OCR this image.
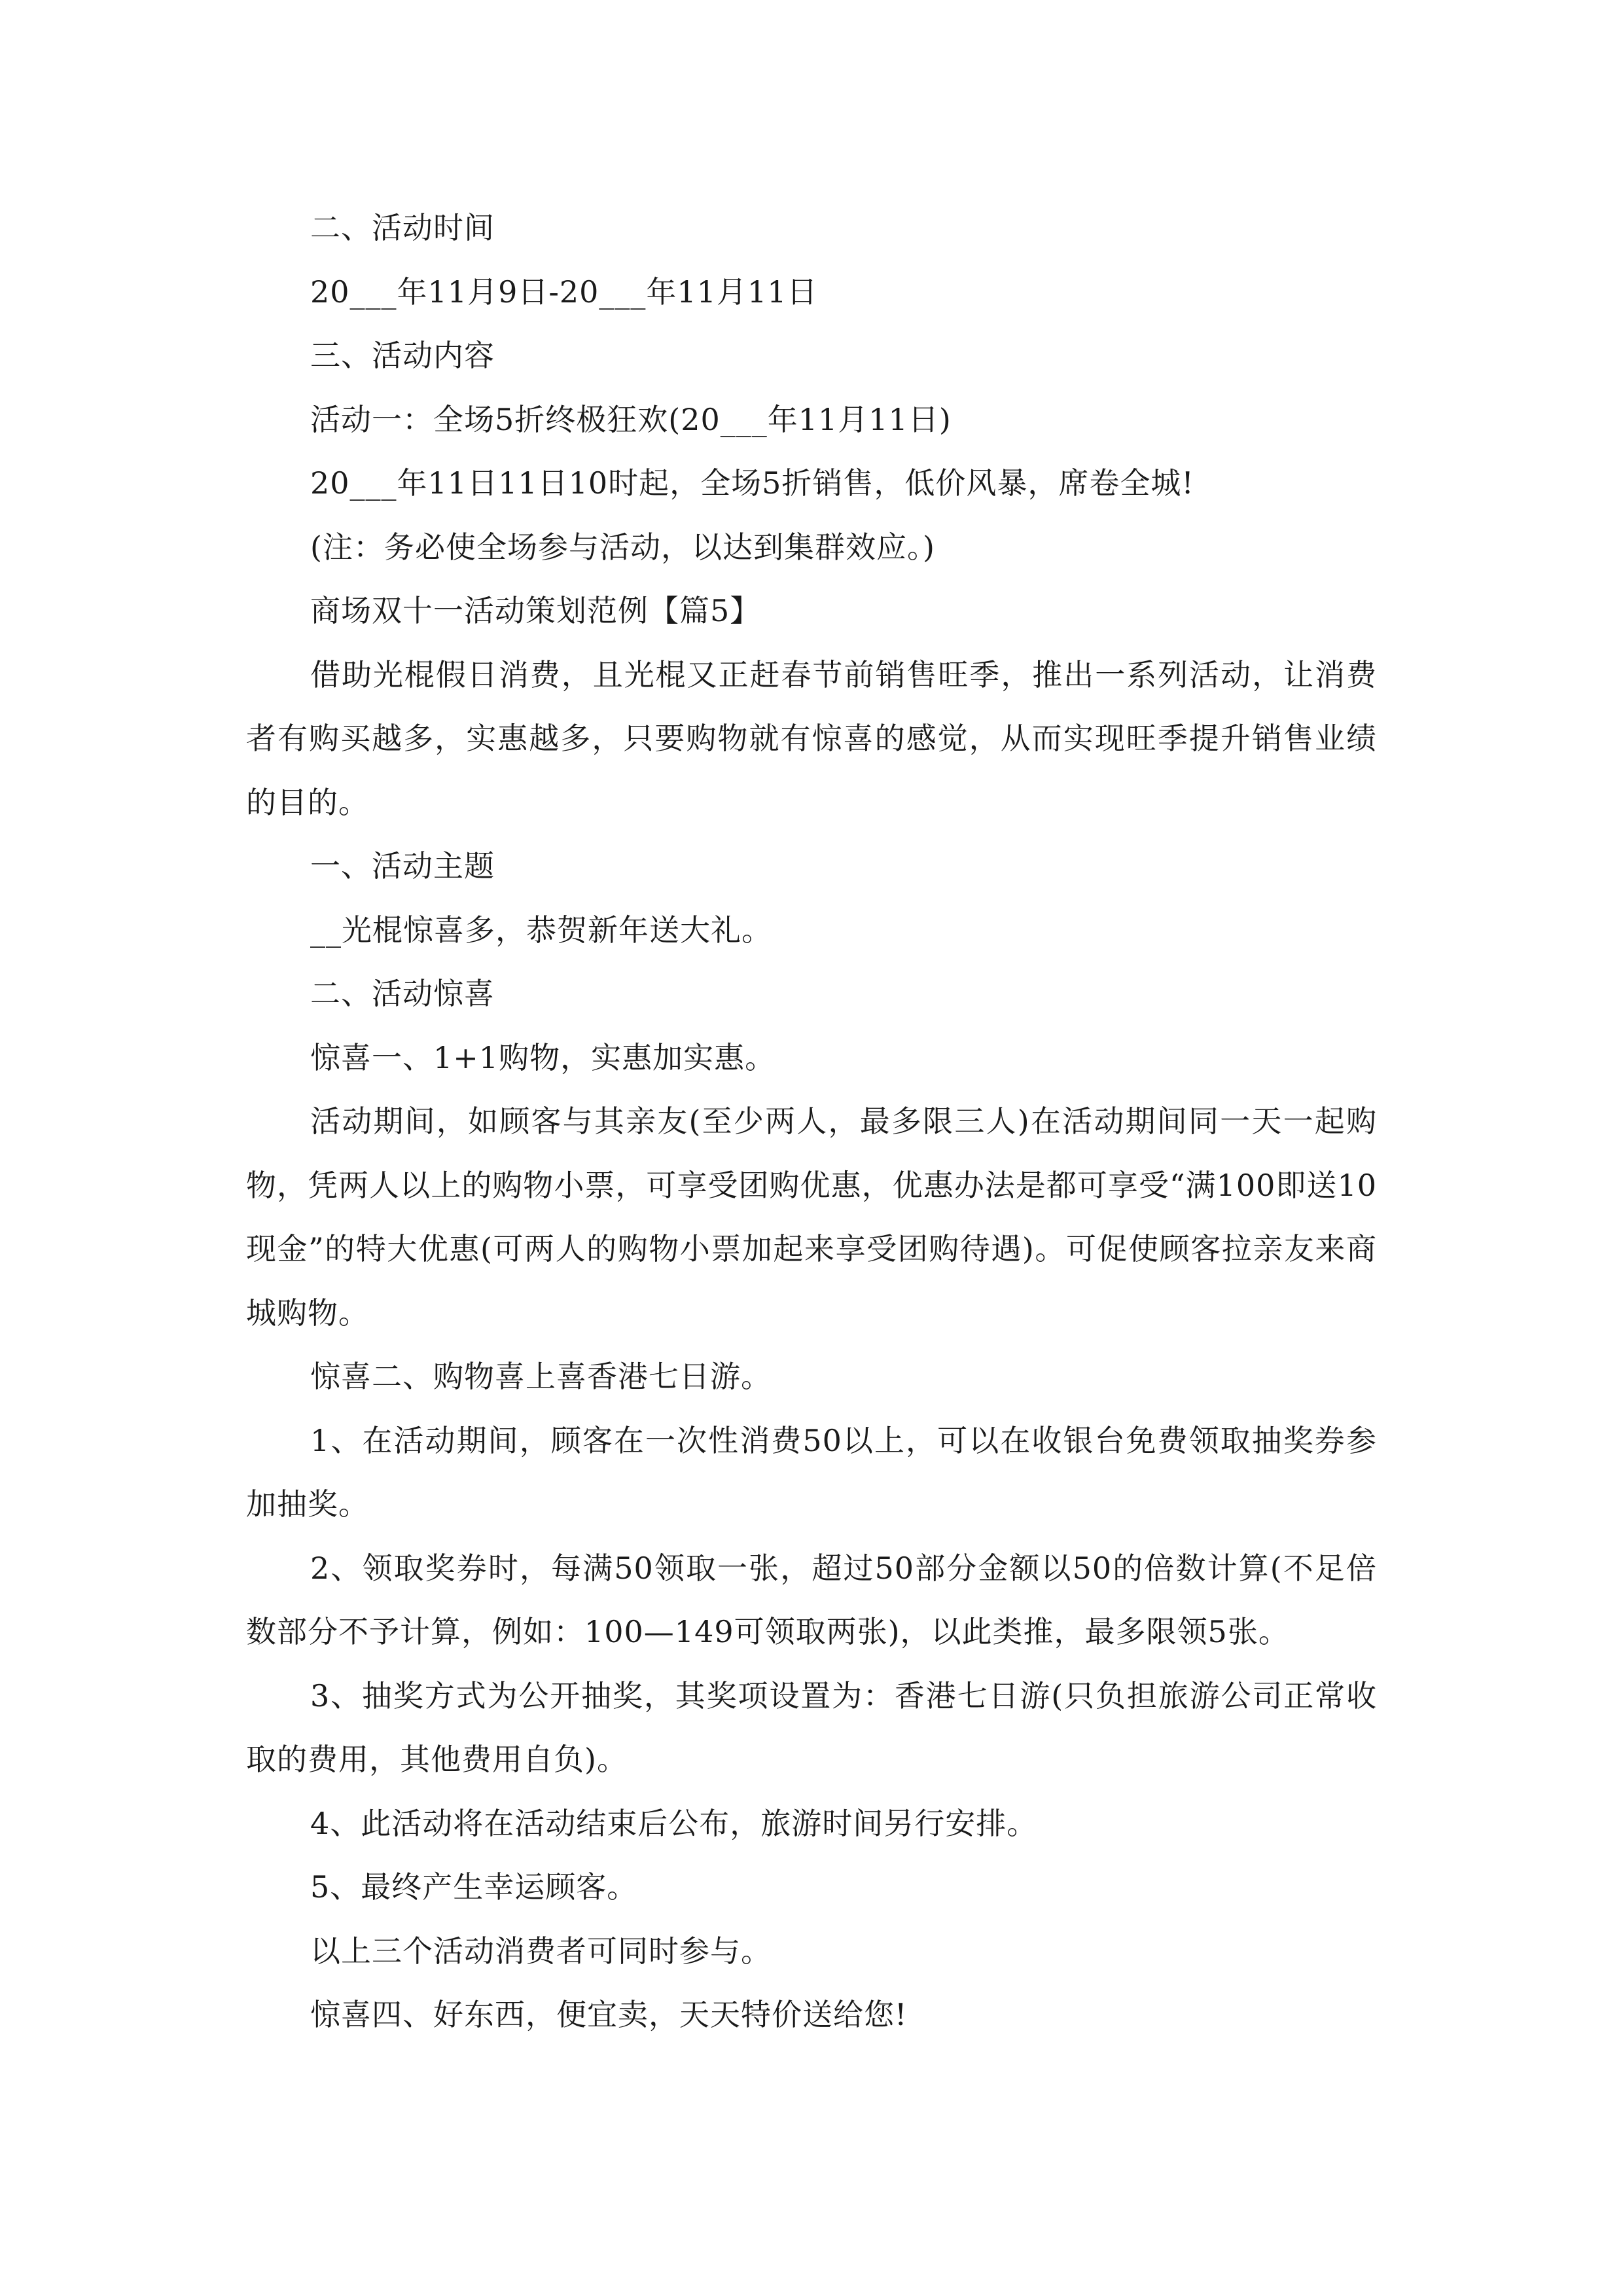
二、活动时间

20___年11月9日-20___年11月11日

三、活动内容

活动一：全场5折终极狂欢(20___年11月11日)

20___年11日11日10时起，全场5折销售，低价风暴，席卷全城!

(注：务必使全场参与活动，以达到集群效应。)

商场双十一活动策划范例【篇5】

借助光棍假日消费，且光棍又正赶春节前销售旺季，推出一系列活动，让消费者有购买越多，实惠越多，只要购物就有惊喜的感觉，从而实现旺季提升销售业绩的目的。

一、活动主题

__光棍惊喜多，恭贺新年送大礼。

二、活动惊喜

惊喜一、1+1购物，实惠加实惠。

活动期间，如顾客与其亲友(至少两人，最多限三人)在活动期间同一天一起购物，凭两人以上的购物小票，可享受团购优惠，优惠办法是都可享受“满100即送10现金”的特大优惠(可两人的购物小票加起来享受团购待遇)。可促使顾客拉亲友来商城购物。

惊喜二、购物喜上喜香港七日游。

1、在活动期间，顾客在一次性消费50以上，可以在收银台免费领取抽奖券参加抽奖。

2、领取奖券时，每满50领取一张，超过50部分金额以50的倍数计算(不足倍数部分不予计算，例如：100—149可领取两张)，以此类推，最多限领5张。

3、抽奖方式为公开抽奖，其奖项设置为：香港七日游(只负担旅游公司正常收取的费用，其他费用自负)。

4、此活动将在活动结束后公布，旅游时间另行安排。

5、最终产生幸运顾客。

以上三个活动消费者可同时参与。

惊喜四、好东西，便宜卖，天天特价送给您!
